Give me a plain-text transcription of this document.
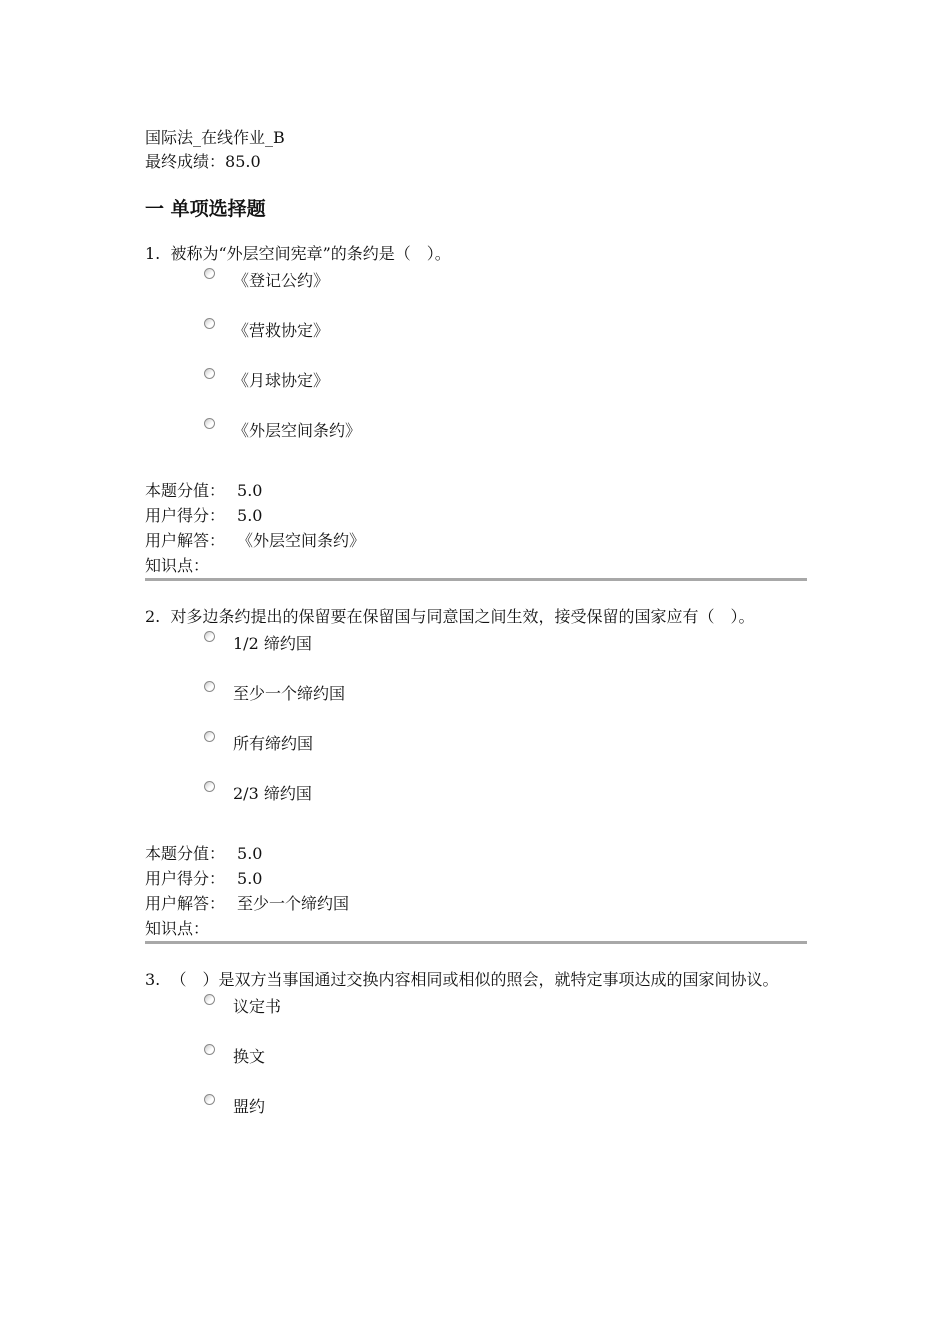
国际法_在线作业_B
最终成绩：85.0
一 单项选择题
1. 被称为“外层空间宪章”的条约是（　）。
《登记公约》
《营救协定》
《月球协定》
《外层空间条约》
本题分值： 5.0
用户得分： 5.0
用户解答： 《外层空间条约》
知识点：
2. 对多边条约提出的保留要在保留国与同意国之间生效，接受保留的国家应有（　）。
1/2 缔约国
至少一个缔约国
所有缔约国
2/3 缔约国
本题分值： 5.0
用户得分： 5.0
用户解答： 至少一个缔约国
知识点：
3. （　）是双方当事国通过交换内容相同或相似的照会，就特定事项达成的国家间协议。
议定书
换文
盟约
